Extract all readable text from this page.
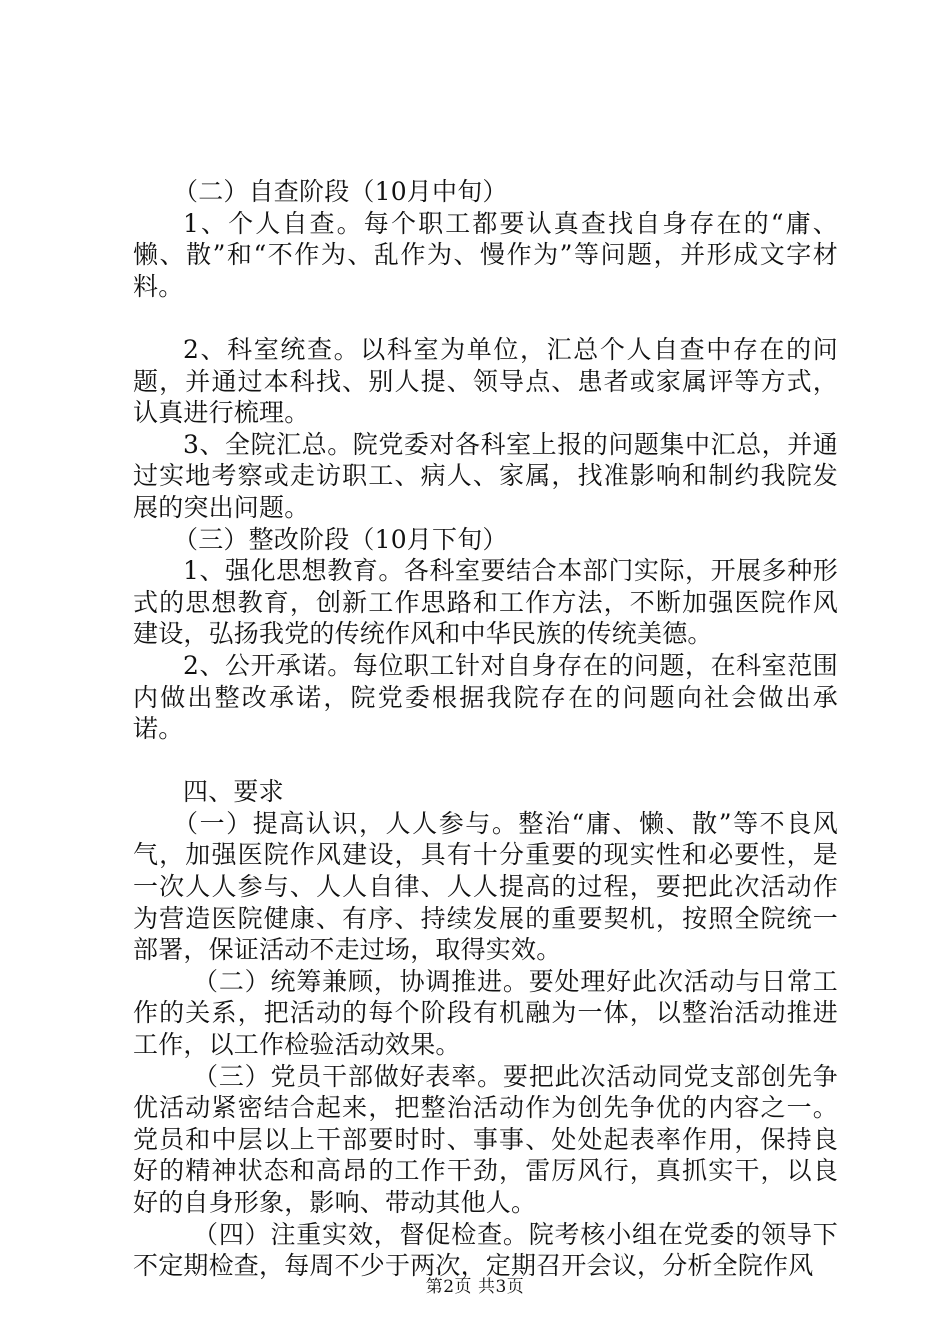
（二）自查阶段（10月中旬）

1、个人自查。每个职工都要认真查找自身存在的“庸、懒、散”和“不作为、乱作为、慢作为”等问题，并形成文字材料。

2、科室统查。以科室为单位，汇总个人自查中存在的问题，并通过本科找、别人提、领导点、患者或家属评等方式，认真进行梳理。

3、全院汇总。院党委对各科室上报的问题集中汇总，并通过实地考察或走访职工、病人、家属，找准影响和制约我院发展的突出问题。

（三）整改阶段（10月下旬）

1、强化思想教育。各科室要结合本部门实际，开展多种形式的思想教育，创新工作思路和工作方法，不断加强医院作风建设，弘扬我党的传统作风和中华民族的传统美德。

2、公开承诺。每位职工针对自身存在的问题，在科室范围内做出整改承诺，院党委根据我院存在的问题向社会做出承诺。

四、要求

（一）提高认识，人人参与。整治“庸、懒、散”等不良风气，加强医院作风建设，具有十分重要的现实性和必要性，是一次人人参与、人人自律、人人提高的过程，要把此次活动作为营造医院健康、有序、持续发展的重要契机，按照全院统一部署，保证活动不走过场，取得实效。

（二）统筹兼顾，协调推进。要处理好此次活动与日常工作的关系，把活动的每个阶段有机融为一体，以整治活动推进工作，以工作检验活动效果。

（三）党员干部做好表率。要把此次活动同党支部创先争优活动紧密结合起来，把整治活动作为创先争优的内容之一。党员和中层以上干部要时时、事事、处处起表率作用，保持良好的精神状态和高昂的工作干劲，雷厉风行，真抓实干，以良好的自身形象，影响、带动其他人。

（四）注重实效，督促检查。院考核小组在党委的领导下不定期检查，每周不少于两次，定期召开会议，分析全院作风

第2页 共3页
